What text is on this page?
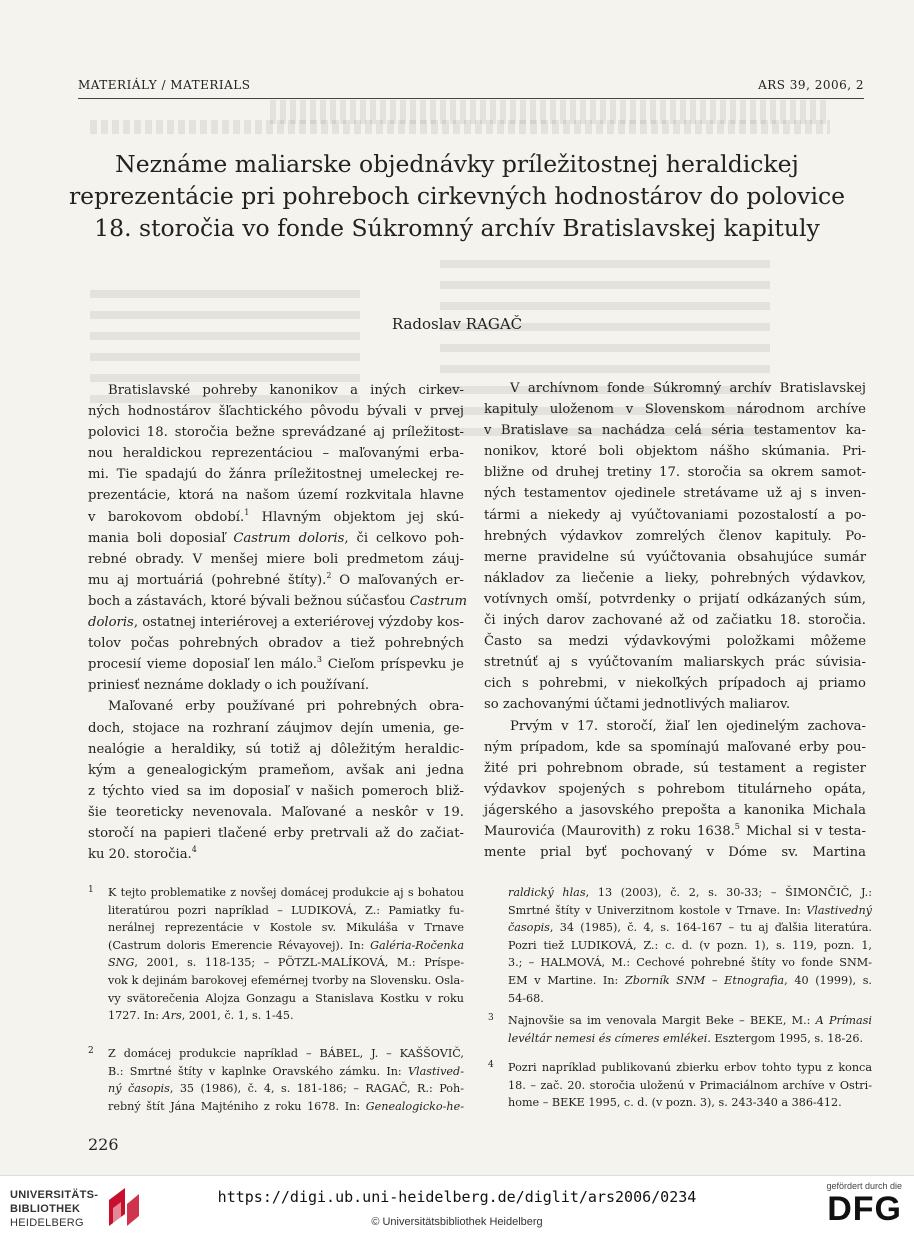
MATERIÁLY / MATERIALS	ARS 39, 2006, 2
Neznáme maliarske objednávky príležitostnej heraldickej
reprezentácie pri pohreboch cirkevných hodnostárov do polovice
18. storočia vo fonde Súkromný archív Bratislavskej kapituly
Radoslav RAGAČ

Bratislavské pohreby kanonikov a iných cirkev-

ných hodnostárov šľachtického pôvodu bývali v prvej

polovici 18. storočia bežne sprevádzané aj príležitost-

nou heraldickou reprezentáciou – maľovanými erba-

mi. Tie spadajú do žánra príležitostnej umeleckej re-

prezentácie, ktorá na našom území rozkvitala hlavne

v barokovom období.$^1$ Hlavným objektom jej skú-

mania boli doposiaľ Castrum doloris, či celkovo poh-

rebné obrady. V menšej miere boli predmetom záuj-

mu aj mortuáriá (pohrebné štíty).$^2$ O maľovaných er-

boch a zástavách, ktoré bývali bežnou súčasťou Castrum

doloris, ostatnej interiérovej a exteriérovej výzdoby kos-

tolov počas pohrebných obradov a tiež pohrebných

procesií vieme doposiaľ len málo.$^3$ Cieľom príspevku je

priniesť neznáme doklady o ich používaní.

Maľované erby používané pri pohrebných obra-

doch, stojace na rozhraní záujmov dejín umenia, ge-

nealógie a heraldiky, sú totiž aj dôležitým heraldic-

kým a genealogickým prameňom, avšak ani jedna

z týchto vied sa im doposiaľ v našich pomeroch bliž-

šie teoreticky nevenovala. Maľované a neskôr v 19.

storočí na papieri tlačené erby pretrvali až do začiat-

ku 20. storočia.$^4$

V archívnom fonde Súkromný archív Bratislavskej

kapituly uloženom v Slovenskom národnom archíve

v Bratislave sa nachádza celá séria testamentov ka-

nonikov, ktoré boli objektom nášho skúmania. Pri-

bližne od druhej tretiny 17. storočia sa okrem samot-

ných testamentov ojedinele stretávame už aj s inven-

tármi a niekedy aj vyúčtovaniami pozostalostí a po-

hrebných výdavkov zomrelých členov kapituly. Po-

merne pravidelne sú vyúčtovania obsahujúce sumár

nákladov za liečenie a lieky, pohrebných výdavkov,

votívnych omší, potvrdenky o prijatí odkázaných súm,

či iných darov zachované až od začiatku 18. storočia.

Často sa medzi výdavkovými položkami môžeme

stretnúť aj s vyúčtovaním maliarskych prác súvisia-

cich s pohrebmi, v niekoľkých prípadoch aj priamo

so zachovanými účtami jednotlivých maliarov.

Prvým v 17. storočí, žiaľ len ojedinelým zachova-

ným prípadom, kde sa spomínajú maľované erby pou-

žité pri pohrebnom obrade, sú testament a register

výdavkov spojených s pohrebom titulárneho opáta,

jágerského a jasovského prepošta a kanonika Michala

Maurovića (Maurovith) z roku 1638.$^5$ Michal si v testa-

mente prial byť pochovaný v Dóme sv. Martina

1 K tejto problematike z novšej domácej produkcie aj s bohatou

literatúrou pozri napríklad – LUDIKOVÁ, Z.: Pamiatky fu-

nerálnej reprezentácie v Kostole sv. Mikuláša v Trnave

(Castrum doloris Emerencie Révayovej). In: Galéria-Ročenka

SNG, 2001, s. 118-135; – PÖTZL-MALÍKOVÁ, M.: Príspe-

vok k dejinám barokovej efemérnej tvorby na Slovensku. Osla-

vy svätorečenia Alojza Gonzagu a Stanislava Kostku v roku

1727. In: Ars, 2001, č. 1, s. 1-45.

2 Z domácej produkcie napríklad – BÁBEL, J. – KAŠŠOVIČ,

B.: Smrtné štíty v kaplnke Oravského zámku. In: Vlastived-

ný časopis, 35 (1986), č. 4, s. 181-186; – RAGAČ, R.: Poh-

rebný štít Jána Majténiho z roku 1678. In: Genealogicko-he-

raldický hlas, 13 (2003), č. 2, s. 30-33; – ŠIMONČIČ, J.:

Smrtné štíty v Univerzitnom kostole v Trnave. In: Vlastivedný

časopis, 34 (1985), č. 4, s. 164-167 – tu aj ďalšia literatúra.

Pozri tiež LUDIKOVÁ, Z.: c. d. (v pozn. 1), s. 119, pozn. 1,

3.; – HALMOVÁ, M.: Cechové pohrebné štíty vo fonde SNM-

EM v Martine. In: Zborník SNM – Etnografia, 40 (1999), s.

54-68.

3 Najnovšie sa im venovala Margit Beke – BEKE, M.: A Prímasi

levéltár nemesi és címeres emlékei. Esztergom 1995, s. 18-26.

4 Pozri napríklad publikovanú zbierku erbov tohto typu z konca

18. – zač. 20. storočia uloženú v Primaciálnom archíve v Ostri-

home – BEKE 1995, c. d. (v pozn. 3), s. 243-340 a 386-412.

226
UNIVERSITÄTS-
BIBLIOTHEK
HEIDELBERG
https://digi.ub.uni-heidelberg.de/diglit/ars2006/0234
© Universitätsbibliothek Heidelberg
gefördert durch die
DFG
